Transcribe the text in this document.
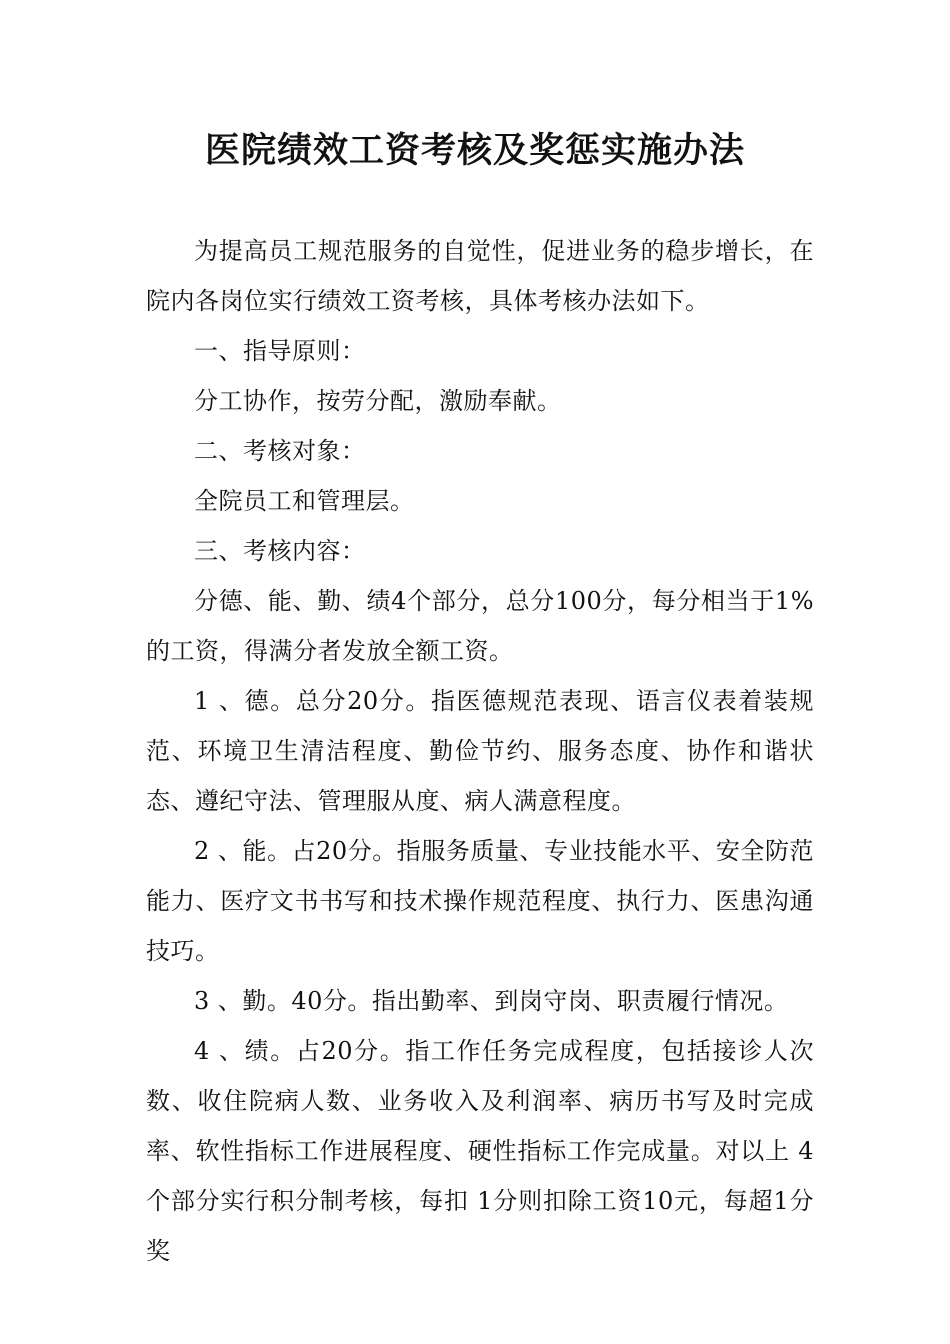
医院绩效工资考核及奖惩实施办法

为提高员工规范服务的自觉性，促进业务的稳步增长，在院内各岗位实行绩效工资考核，具体考核办法如下。

一、指导原则：

分工协作，按劳分配，激励奉献。

二、考核对象：

全院员工和管理层。

三、考核内容：

分德、能、勤、绩4个部分，总分100分，每分相当于1%的工资，得满分者发放全额工资。

1 、德。总分20分。指医德规范表现、语言仪表着装规范、环境卫生清洁程度、勤俭节约、服务态度、协作和谐状态、遵纪守法、管理服从度、病人满意程度。

2 、能。占20分。指服务质量、专业技能水平、安全防范能力、医疗文书书写和技术操作规范程度、执行力、医患沟通技巧。

3 、勤。40分。指出勤率、到岗守岗、职责履行情况。

4 、绩。占20分。指工作任务完成程度，包括接诊人次数、收住院病人数、业务收入及利润率、病历书写及时完成率、软性指标工作进展程度、硬性指标工作完成量。对以上 4个部分实行积分制考核，每扣 1分则扣除工资10元，每超1分奖
